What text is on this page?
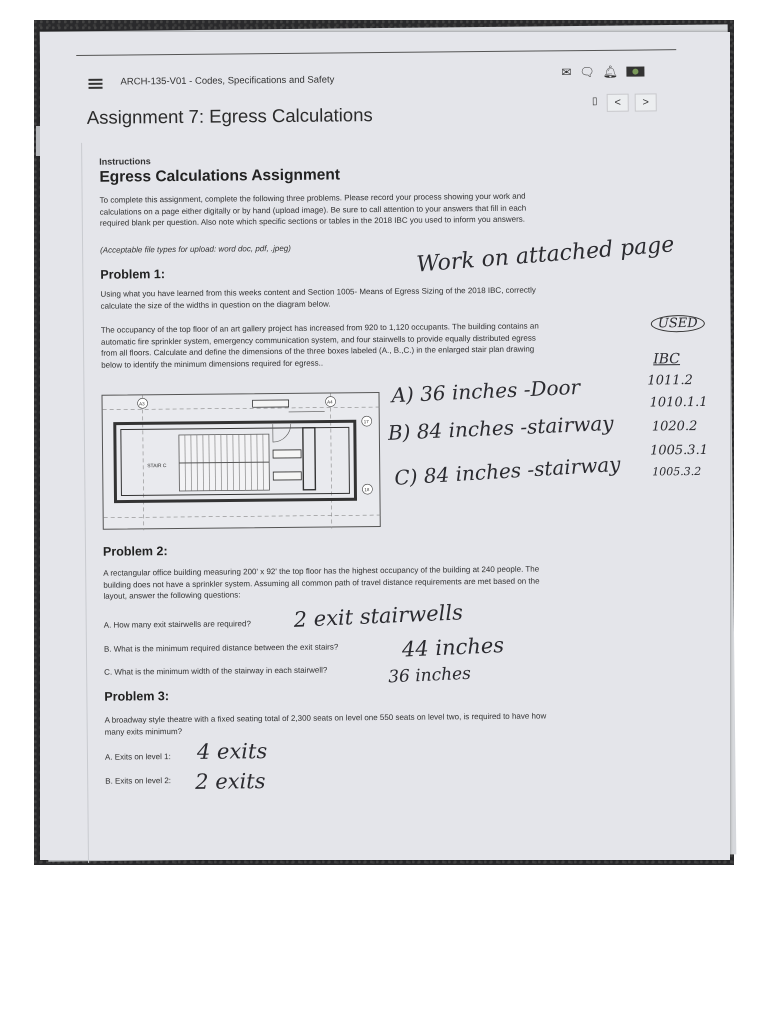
ARCH-135-V01 - Codes, Specifications and Safety
✉ 🗨 🔔︎
Assignment 7: Egress Calculations
▯	<	>
Instructions
Egress Calculations Assignment
To complete this assignment, complete the following three problems. Please record your process showing your work and
calculations on a page either digitally or by hand (upload image). Be sure to call attention to your answers that fill in each
required blank per question. Also note which specific sections or tables in the 2018 IBC you used to inform you answers.
(Acceptable file types for upload: word doc, pdf, .jpeg)
Problem 1:
Using what you have learned from this weeks content and Section 1005- Means of Egress Sizing of the 2018 IBC, correctly
calculate the size of the widths in question on the diagram below.
The occupancy of the top floor of an art gallery project has increased from 920 to 1,120 occupants. The building contains an
automatic fire sprinkler system, emergency communication system, and four stairwells to provide equally distributed egress
from all floors. Calculate and define the dimensions of the three boxes labeled (A., B.,C.) in the enlarged stair plan drawing
below to identify the minimum dimensions required for egress..
STAIR C
A3	A4
17
18
Problem 2:
A rectangular office building measuring 200' x 92' the top floor has the highest occupancy of the building at 240 people. The
building does not have a sprinkler system. Assuming all common path of travel distance requirements are met based on the
layout, answer the following questions:
A. How many exit stairwells are required?
B. What is the minimum required distance between the exit stairs?
C. What is the minimum width of the stairway in each stairwell?
Problem 3:
A broadway style theatre with a fixed seating total of 2,300 seats on level one 550 seats on level two, is required to have how
many exits minimum?
A. Exits on level 1:
B. Exits on level 2:
Work on attached page
USED
IBC
A) 36 inches -Door
B) 84 inches -stairway
C) 84 inches -stairway
1011.2
1010.1.1
1020.2
1005.3.1
1005.3.2
2 exit stairwells
44 inches
36 inches
4 exits
2 exits
